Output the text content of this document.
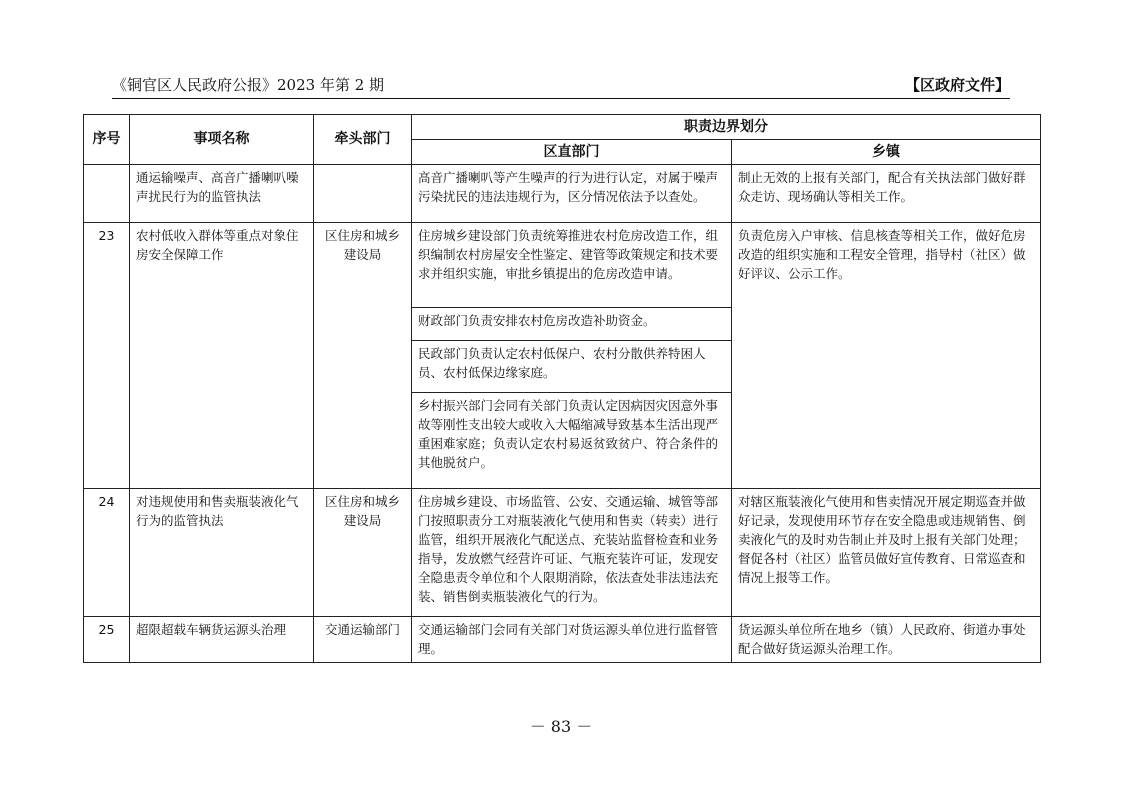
《铜官区人民政府公报》2023 年第 2 期	【区政府文件】
序号	事项名称	牵头部门	职责边界划分	
			区直部门	乡镇
	通运输噪声、高音广播喇叭噪声扰民行为的监管执法		高音广播喇叭等产生噪声的行为进行认定，对属于噪声污染扰民的违法违规行为，区分情况依法予以查处。	制止无效的上报有关部门，配合有关执法部门做好群众走访、现场确认等相关工作。
23	农村低收入群体等重点对象住房安全保障工作	区住房和城乡建设局	住房城乡建设部门负责统筹推进农村危房改造工作，组织编制农村房屋安全性鉴定、建管等政策规定和技术要求并组织实施，审批乡镇提出的危房改造申请。	负责危房入户审核、信息核查等相关工作，做好危房改造的组织实施和工程安全管理，指导村（社区）做好评议、公示工作。
			财政部门负责安排农村危房改造补助资金。	
			民政部门负责认定农村低保户、农村分散供养特困人员、农村低保边缘家庭。	
			乡村振兴部门会同有关部门负责认定因病因灾因意外事故等刚性支出较大或收入大幅缩减导致基本生活出现严重困难家庭；负责认定农村易返贫致贫户、符合条件的其他脱贫户。	
24	对违规使用和售卖瓶装液化气行为的监管执法	区住房和城乡建设局	住房城乡建设、市场监管、公安、交通运输、城管等部门按照职责分工对瓶装液化气使用和售卖（转卖）进行监管，组织开展液化气配送点、充装站监督检查和业务指导，发放燃气经营许可证、气瓶充装许可证，发现安全隐患责令单位和个人限期消除，依法查处非法违法充装、销售倒卖瓶装液化气的行为。	对辖区瓶装液化气使用和售卖情况开展定期巡查并做好记录，发现使用环节存在安全隐患或违规销售、倒卖液化气的及时劝告制止并及时上报有关部门处理；督促各村（社区）监管员做好宣传教育、日常巡查和情况上报等工作。
25	超限超载车辆货运源头治理	交通运输部门	交通运输部门会同有关部门对货运源头单位进行监督管理。	货运源头单位所在地乡（镇）人民政府、街道办事处配合做好货运源头治理工作。
－ 83 －
